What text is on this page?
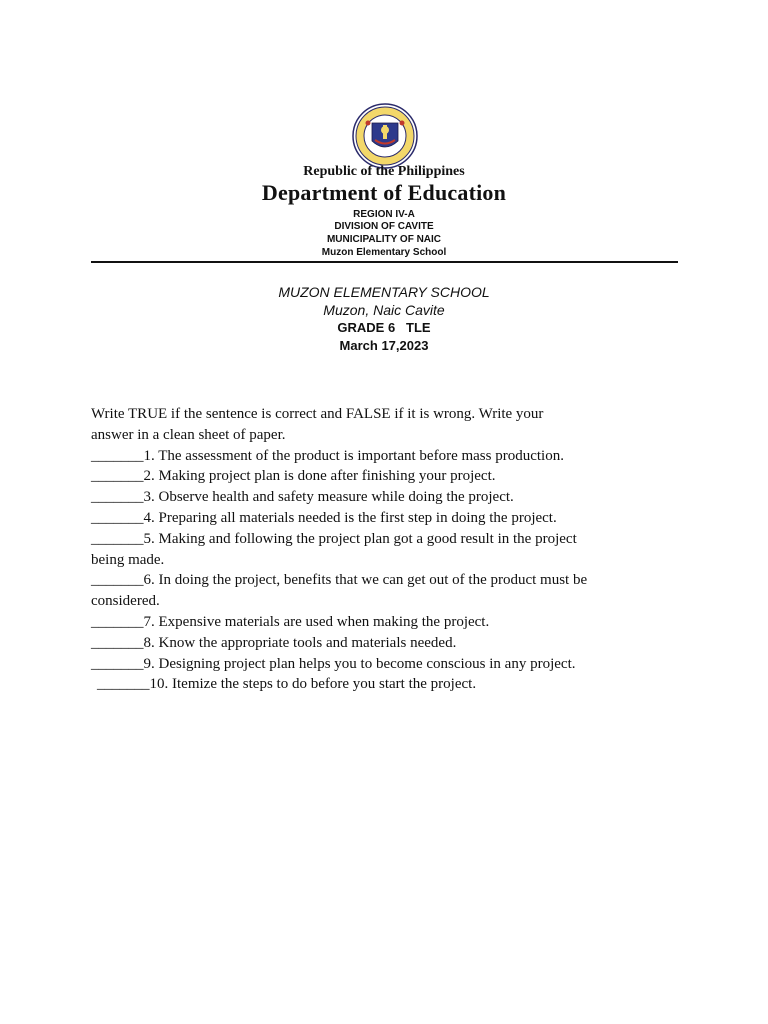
Republic of the Philippines
Department of Education
REGION IV-A
DIVISION OF CAVITE
MUNICIPALITY OF NAIC
Muzon Elementary School
MUZON ELEMENTARY SCHOOL
Muzon, Naic Cavite
GRADE 6   TLE
March 17,2023
Write TRUE if the sentence is correct and FALSE if it is wrong. Write your
answer in a clean sheet of paper.
_______1. The assessment of the product is important before mass production.
_______2. Making project plan is done after finishing your project.
_______3. Observe health and safety measure while doing the project.
_______4. Preparing all materials needed is the first step in doing the project.
_______5. Making and following the project plan got a good result in the project
being made.
_______6. In doing the project, benefits that we can get out of the product must be
considered.
_______7. Expensive materials are used when making the project.
_______8. Know the appropriate tools and materials needed.
_______9. Designing project plan helps you to become conscious in any project.
_______10. Itemize the steps to do before you start the project.
